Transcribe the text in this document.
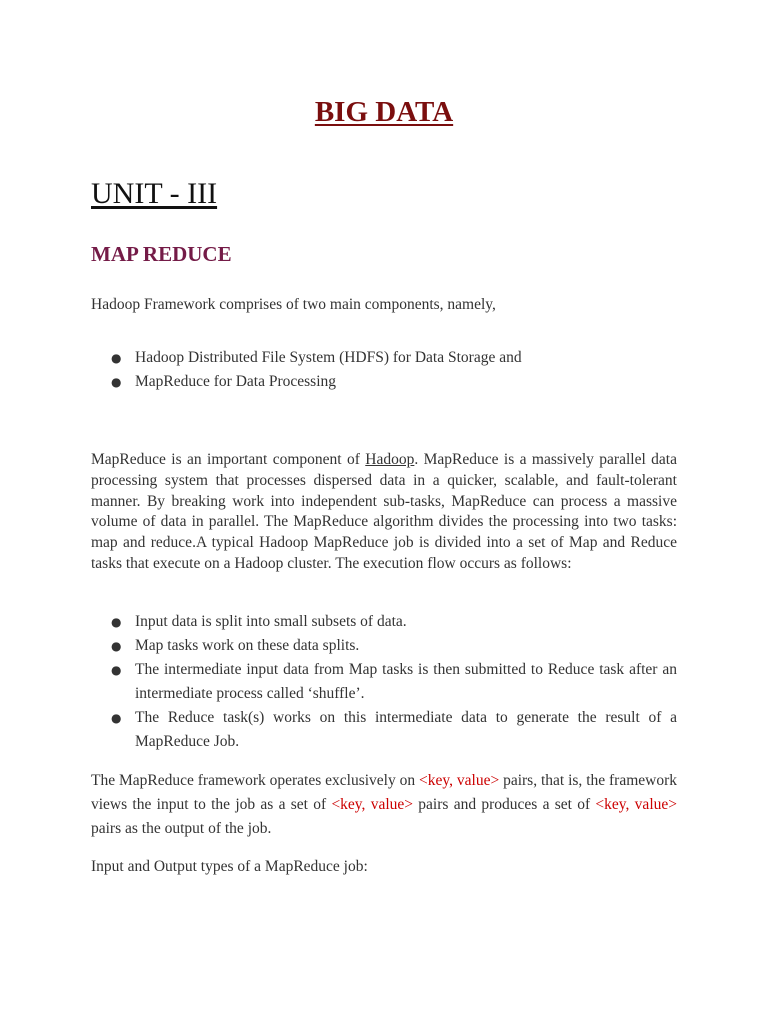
BIG DATA
UNIT - III
MAP REDUCE

Hadoop Framework comprises of two main components, namely,

● Hadoop Distributed File System (HDFS) for Data Storage and
● MapReduce for Data Processing

MapReduce is an important component of Hadoop. MapReduce is a massively parallel data processing system that processes dispersed data in a quicker, scalable, and fault-tolerant manner. By breaking work into independent sub-tasks, MapReduce can process a massive volume of data in parallel. The MapReduce algorithm divides the processing into two tasks: map and reduce.A typical Hadoop MapReduce job is divided into a set of Map and Reduce tasks that execute on a Hadoop cluster. The execution flow occurs as follows:

● Input data is split into small subsets of data.
● Map tasks work on these data splits.
● The intermediate input data from Map tasks is then submitted to Reduce task after an intermediate process called ‘shuffle’.
● The Reduce task(s) works on this intermediate data to generate the result of a MapReduce Job.

The MapReduce framework operates exclusively on <key, value> pairs, that is, the framework views the input to the job as a set of <key, value> pairs and produces a set of <key, value> pairs as the output of the job.

Input and Output types of a MapReduce job:
